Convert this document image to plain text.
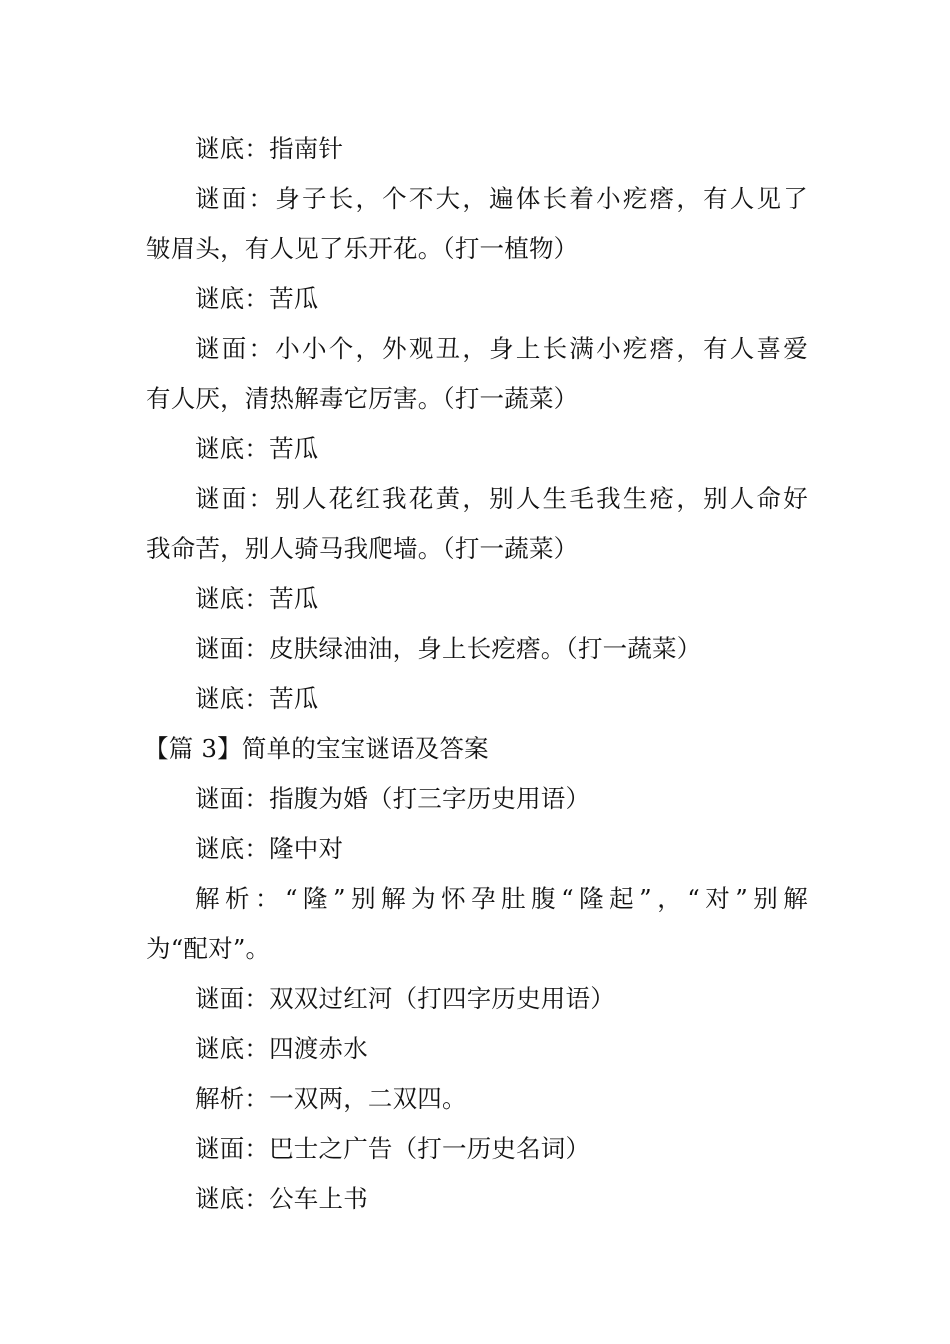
谜底：指南针
谜面：身子长，个不大，遍体长着小疙瘩，有人见了
皱眉头，有人见了乐开花。（打一植物）
谜底：苦瓜
谜面：小小个，外观丑，身上长满小疙瘩，有人喜爱
有人厌，清热解毒它厉害。（打一蔬菜）
谜底：苦瓜
谜面：别人花红我花黄，别人生毛我生疮，别人命好
我命苦，别人骑马我爬墙。（打一蔬菜）
谜底：苦瓜
谜面：皮肤绿油油，身上长疙瘩。（打一蔬菜）
谜底：苦瓜
【篇 3】简单的宝宝谜语及答案
谜面：指腹为婚（打三字历史用语）
谜底：隆中对
解析：“隆”别解为怀孕肚腹“隆起”，“对”别解
为“配对”。
谜面：双双过红河（打四字历史用语）
谜底：四渡赤水
解析：一双两，二双四。
谜面：巴士之广告（打一历史名词）
谜底：公车上书
